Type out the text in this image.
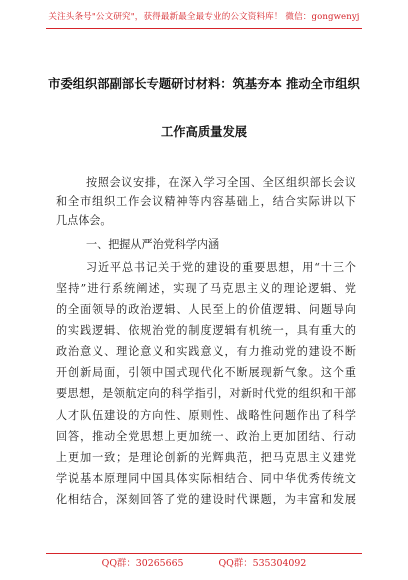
关注头条号"公文研究"，获得最新最全最专业的公文资料库！ 微信：gongwenyj
市委组织部副部长专题研讨材料：筑基夯本 推动全市组织
工作高质量发展
按照会议安排，在深入学习全国、全区组织部长会议
和全市组织工作会议精神等内容基础上，结合实际讲以下
几点体会。
一、把握从严治党科学内涵
习近平总书记关于党的建设的重要思想，用“十三个
坚持”进行系统阐述，实现了马克思主义的理论逻辑、党
的全面领导的政治逻辑、人民至上的价值逻辑、问题导向
的实践逻辑、依规治党的制度逻辑有机统一，具有重大的
政治意义、理论意义和实践意义，有力推动党的建设不断
开创新局面，引领中国式现代化不断展现新气象。这个重
要思想，是领航定向的科学指引，对新时代党的组织和干部
人才队伍建设的方向性、原则性、战略性问题作出了科学
回答，推动全党思想上更加统一、政治上更加团结、行动
上更加一致；是理论创新的光辉典范，把马克思主义建党
学说基本原理同中国具体实际相结合、同中华优秀传统文
化相结合，深刻回答了党的建设时代课题，为丰富和发展
QQ群：30265665	QQ群：535304092
